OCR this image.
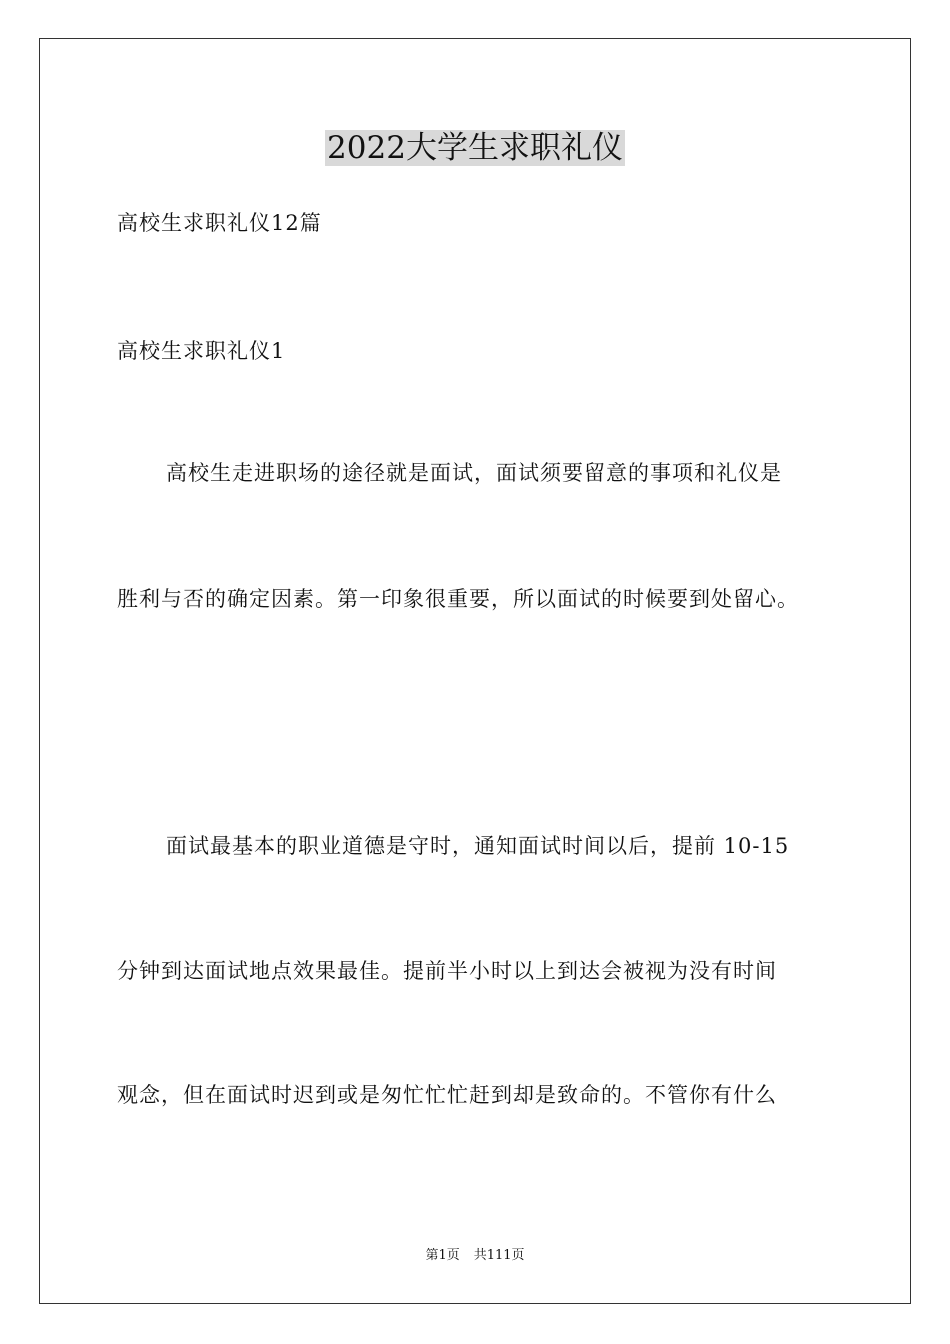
2022大学生求职礼仪
高校生求职礼仪12篇
高校生求职礼仪1
高校生走进职场的途径就是面试，面试须要留意的事项和礼仪是
胜利与否的确定因素。第一印象很重要，所以面试的时候要到处留心。
面试最基本的职业道德是守时，通知面试时间以后，提前 10-15
分钟到达面试地点效果最佳。提前半小时以上到达会被视为没有时间
观念，但在面试时迟到或是匆忙忙忙赶到却是致命的。不管你有什么
第1页 共111页
